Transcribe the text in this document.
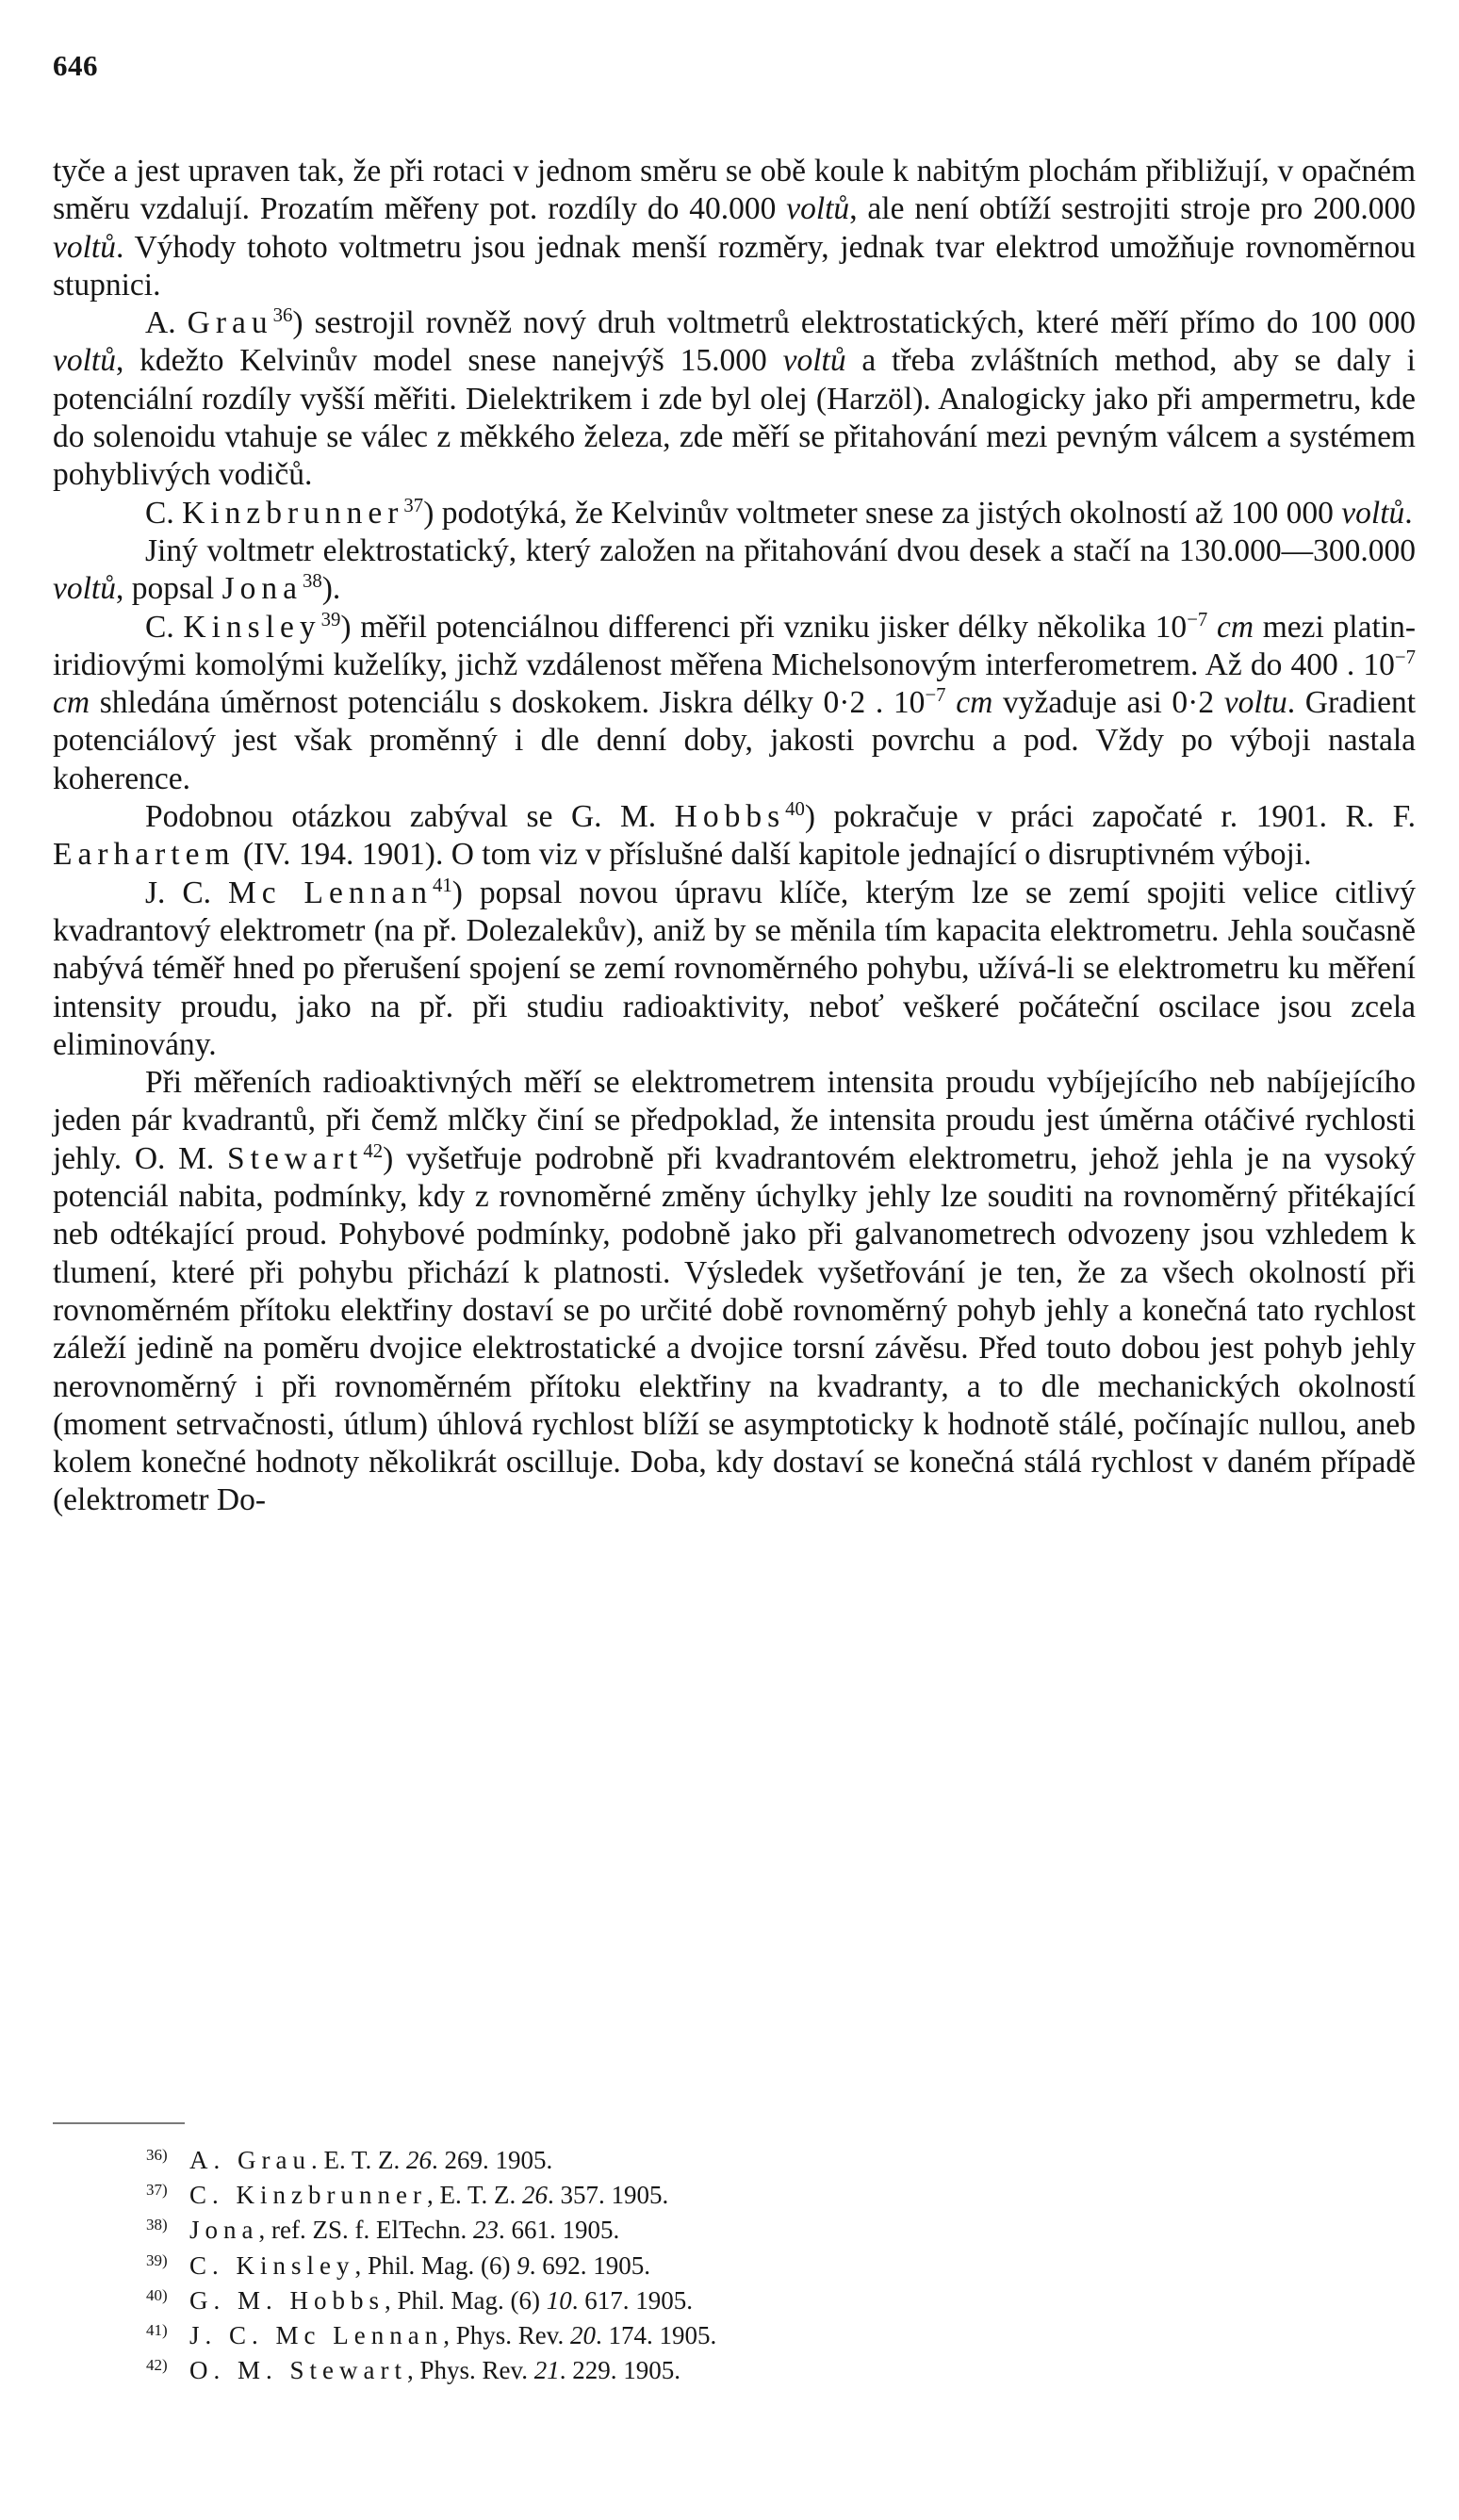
646

tyče a jest upraven tak, že při rotaci v jednom směru se obě koule k nabitým plochám přibližují, v opačném směru vzdalují. Prozatím měřeny pot. rozdíly do 40.000 voltů, ale není obtíží sestrojiti stroje pro 200.000 voltů. Výhody tohoto voltmetru jsou jednak menší rozměry, jednak tvar elektrod umožňuje rovnoměrnou stupnici.

A. Grau$^{36}$) sestrojil rovněž nový druh voltmetrů elektrostatických, které měří přímo do 100 000 voltů, kdežto Kelvinův model snese nanejvýš 15.000 voltů a třeba zvláštních method, aby se daly i potenciální rozdíly vyšší měřiti. Dielektrikem i zde byl olej (Harzöl). Analogicky jako při ampermetru, kde do solenoidu vtahuje se válec z měkkého železa, zde měří se přitahování mezi pevným válcem a systémem pohyblivých vodičů.

C. Kinzbrunner$^{37}$) podotýká, že Kelvinův voltmeter snese za jistých okolností až 100 000 voltů.

Jiný voltmetr elektrostatický, který založen na přitahování dvou desek a stačí na 130.000—300.000 voltů, popsal Jona$^{38}$).

C. Kinsley$^{39}$) měřil potenciálnou differenci při vzniku jisker délky několika $10^{-7}$ cm mezi platin-iridiovými komolými kuželíky, jichž vzdálenost měřena Michelsonovým interferometrem. Až do 400 . $10^{-7}$ cm shledána úměrnost potenciálu s doskokem. Jiskra délky 0·2 . $10^{-7}$ cm vyžaduje asi 0·2 voltu. Gradient potenciálový jest však proměnný i dle denní doby, jakosti povrchu a pod. Vždy po výboji nastala koherence.

Podobnou otázkou zabýval se G. M. Hobbs$^{40}$) pokračuje v práci započaté r. 1901. R. F. Earhartem (IV. 194. 1901). O tom viz v příslušné další kapitole jednající o disruptivném výboji.

J. C. Mc Lennan$^{41}$) popsal novou úpravu klíče, kterým lze se zemí spojiti velice citlivý kvadrantový elektrometr (na př. Dolezalekův), aniž by se měnila tím kapacita elektrometru. Jehla současně nabývá téměř hned po přerušení spojení se zemí rovnoměrného pohybu, užívá-li se elektrometru ku měření intensity proudu, jako na př. při studiu radioaktivity, neboť veškeré počáteční oscilace jsou zcela eliminovány.

Při měřeních radioaktivných měří se elektrometrem intensita proudu vybíjejícího neb nabíjejícího jeden pár kvadrantů, při čemž mlčky činí se předpoklad, že intensita proudu jest úměrna otáčivé rychlosti jehly. O. M. Stewart$^{42}$) vyšetřuje podrobně při kvadrantovém elektrometru, jehož jehla je na vysoký potenciál nabita, podmínky, kdy z rovnoměrné změny úchylky jehly lze souditi na rovnoměrný přitékající neb odtékající proud. Pohybové podmínky, podobně jako při galvanometrech odvozeny jsou vzhledem k tlumení, které při pohybu přichází k platnosti. Výsledek vyšetřování je ten, že za všech okolností při rovnoměrném přítoku elektřiny dostaví se po určité době rovnoměrný pohyb jehly a konečná tato rychlost záleží jedině na poměru dvojice elektrostatické a dvojice torsní závěsu. Před touto dobou jest pohyb jehly nerovnoměrný i při rovnoměrném přítoku elektřiny na kvadranty, a to dle mechanických okolností (moment setrvačnosti, útlum) úhlová rychlost blíží se asymptoticky k hodnotě stálé, počínajíc nullou, aneb kolem konečné hodnoty několikrát oscilluje. Doba, kdy dostaví se konečná stálá rychlost v daném případě (elektrometr Do-

36) A. Grau. E. T. Z. 26. 269. 1905.

37) C. Kinzbrunner, E. T. Z. 26. 357. 1905.

38) Jona, ref. ZS. f. ElTechn. 23. 661. 1905.

39) C. Kinsley, Phil. Mag. (6) 9. 692. 1905.

40) G. M. Hobbs, Phil. Mag. (6) 10. 617. 1905.

41) J. C. Mc Lennan, Phys. Rev. 20. 174. 1905.

42) O. M. Stewart, Phys. Rev. 21. 229. 1905.
